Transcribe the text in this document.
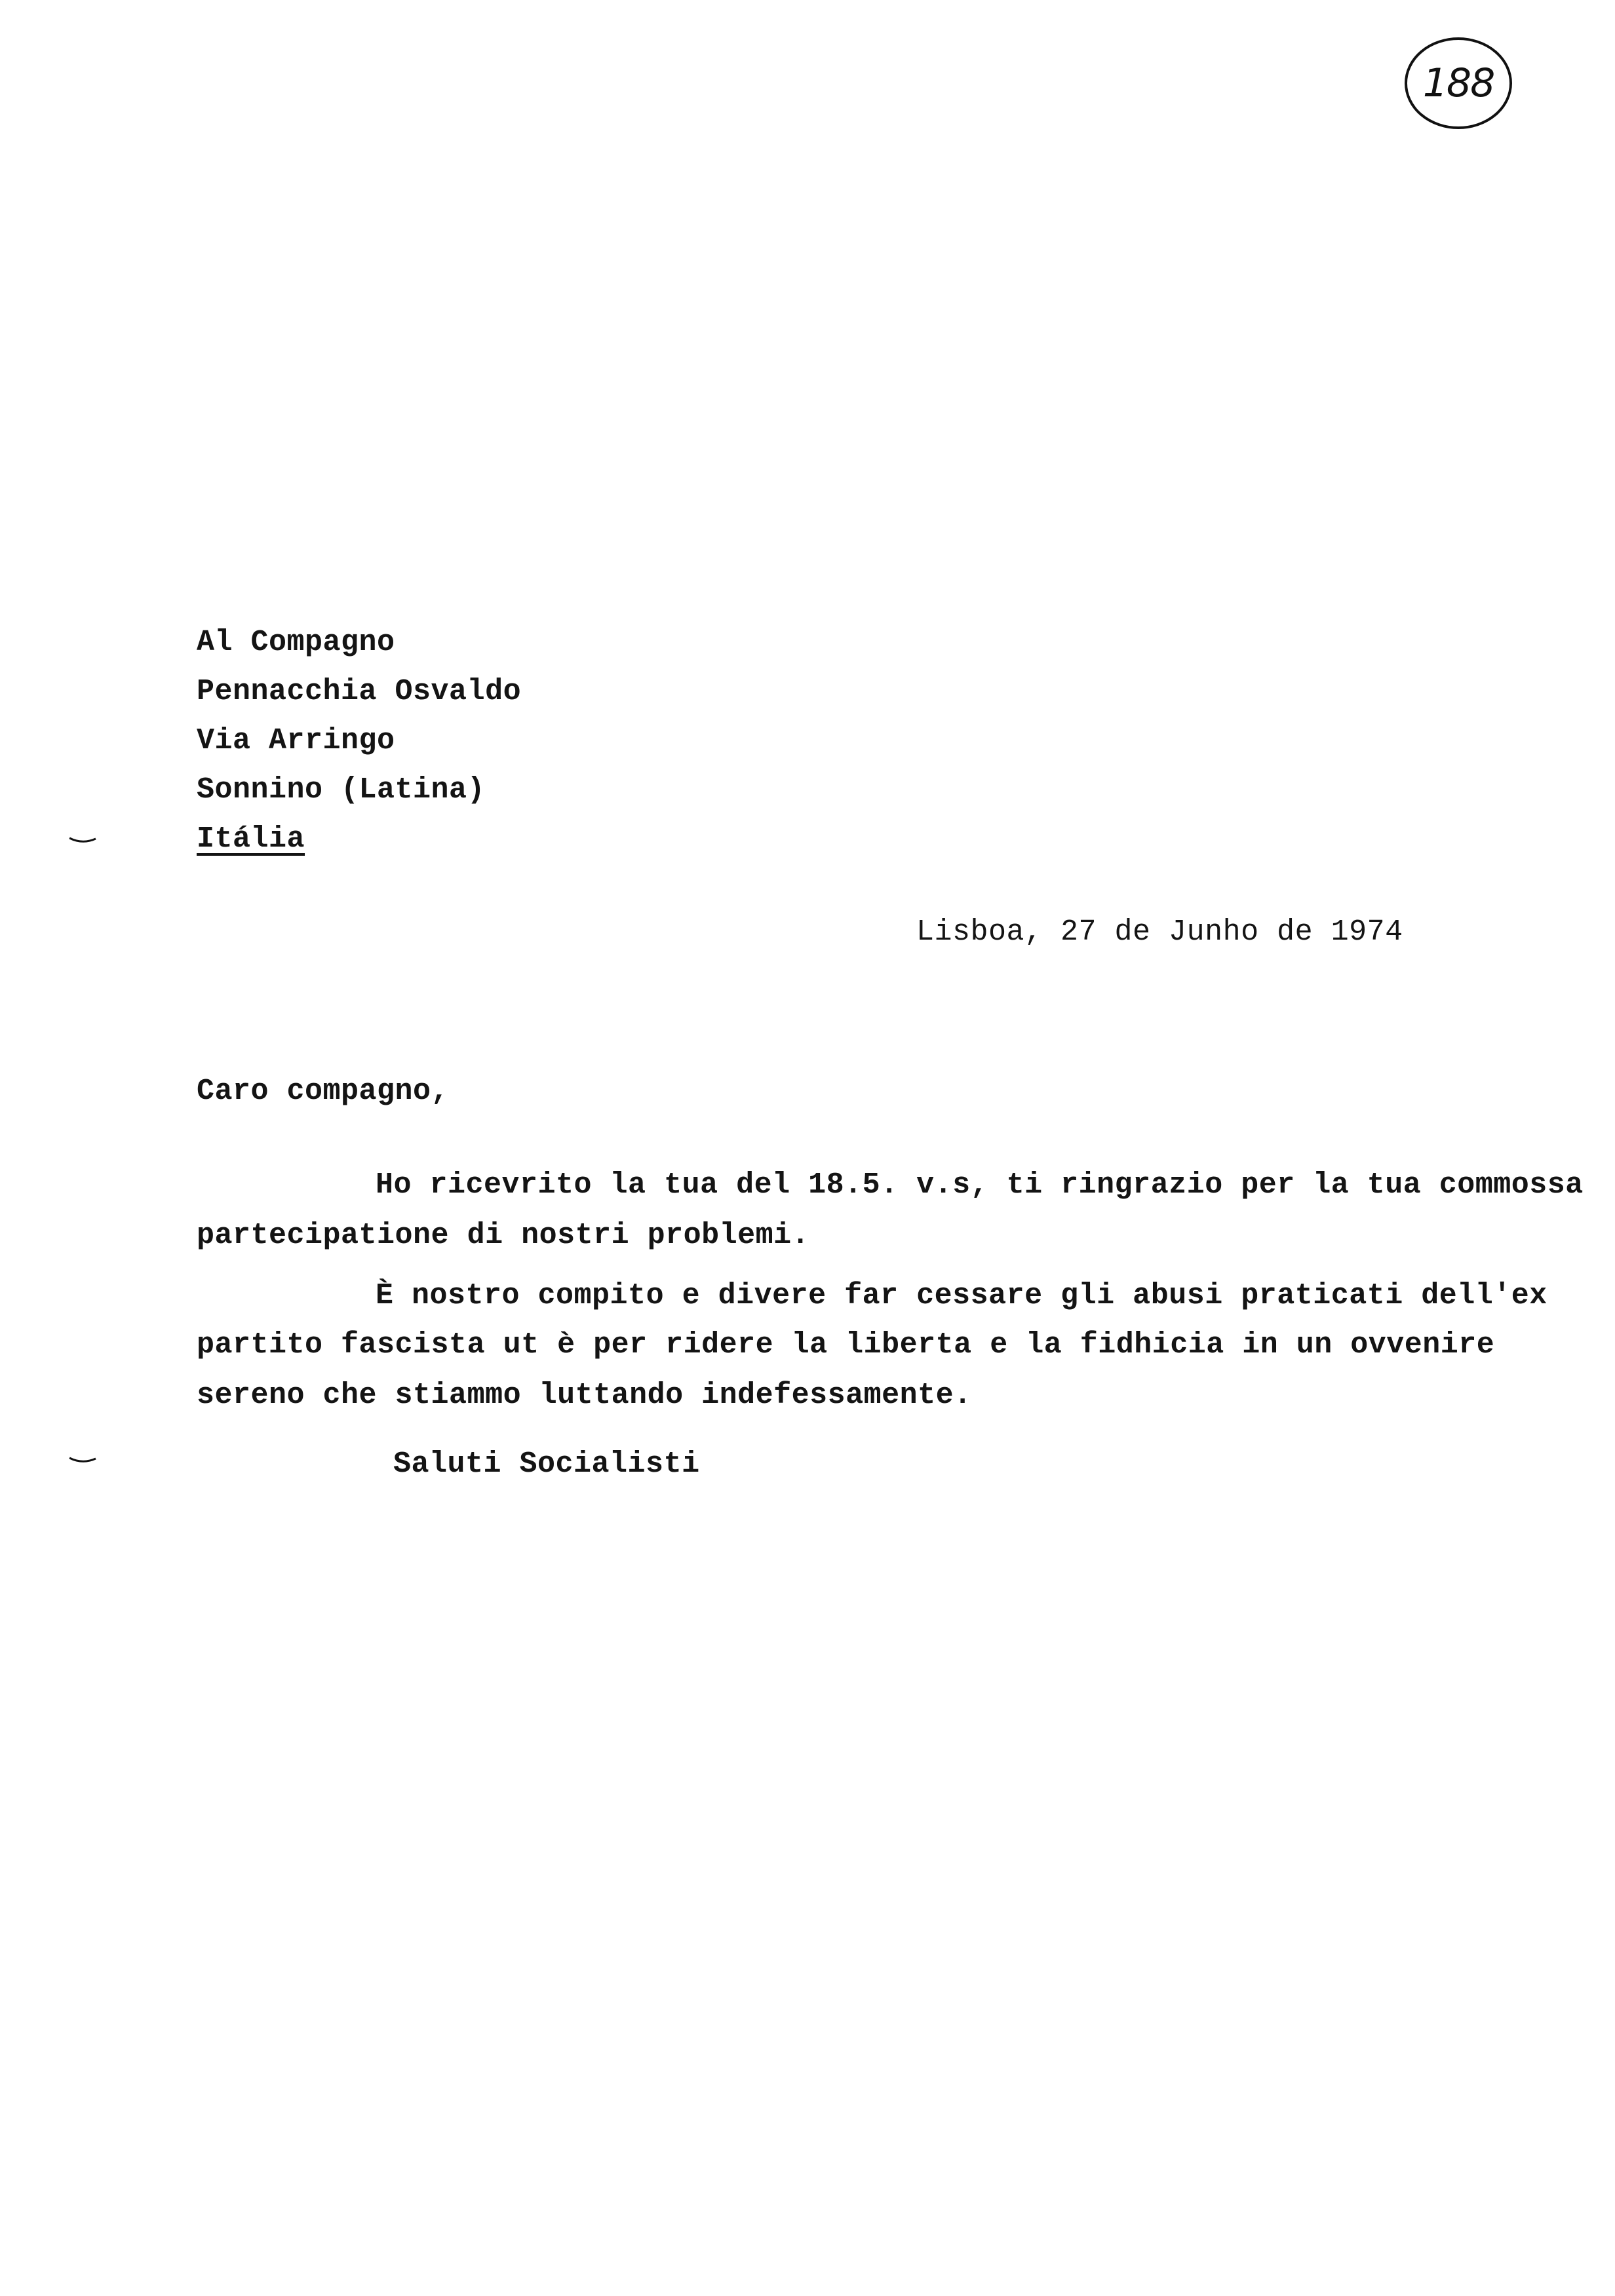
188
Al Compagno
Pennacchia Osvaldo
Via Arringo
Sonnino (Latina)
Itália
Lisboa, 27 de Junho de 1974
Caro compagno,
Ho ricevrito la tua del 18.5. v.s, ti ringrazio per la tua commossa
partecipatione di nostri problemi.
È nostro compito e divere far cessare gli abusi praticati dell'ex
partito fascista ut è per ridere la liberta e la fidhicia in un ovvenire
sereno che stiammo luttando indefessamente.
Saluti Socialisti
